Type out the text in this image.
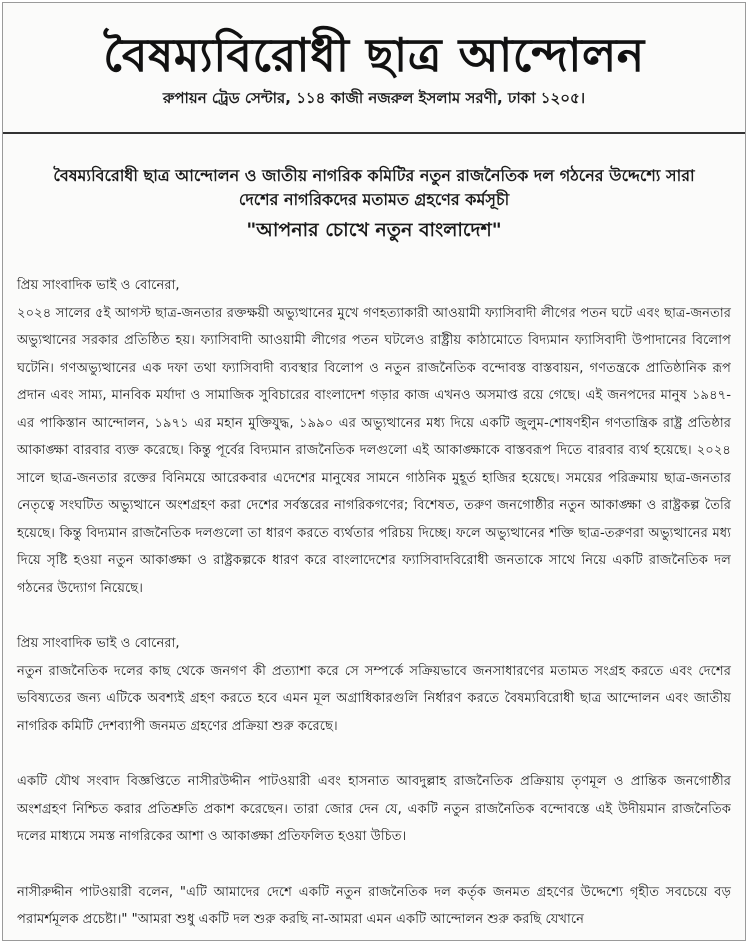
বৈষম্যবিরোধী ছাত্র আন্দোলন
রুপায়ন ট্রেড সেন্টার, ১১৪ কাজী নজরুল ইসলাম সরণী, ঢাকা ১২০৫।
বৈষম্যবিরোধী ছাত্র আন্দোলন ও জাতীয় নাগরিক কমিটির নতুন রাজনৈতিক দল গঠনের উদ্দেশ্যে সারা
দেশের নাগরিকদের মতামত গ্রহণের কর্মসূচী
"আপনার চোখে নতুন বাংলাদেশ"
প্রিয় সাংবাদিক ভাই ও বোনেরা,

২০২৪ সালের ৫ই আগস্ট ছাত্র-জনতার রক্তক্ষয়ী অভ্যুত্থানের মুখে গণহত্যাকারী আওয়ামী ফ্যাসিবাদী লীগের পতন ঘটে এবং ছাত্র-জনতার অভ্যুত্থানের সরকার প্রতিষ্ঠিত হয়। ফ্যাসিবাদী আওয়ামী লীগের পতন ঘটলেও রাষ্ট্রীয় কাঠামোতে বিদ্যমান ফ্যাসিবাদী উপাদানের বিলোপ ঘটেনি। গণঅভ্যুত্থানের এক দফা তথা ফ্যাসিবাদী ব্যবস্থার বিলোপ ও নতুন রাজনৈতিক বন্দোবস্ত বাস্তবায়ন, গণতন্ত্রকে প্রাতিষ্ঠানিক রূপ প্রদান এবং সাম্য, মানবিক মর্যাদা ও সামাজিক সুবিচারের বাংলাদেশ গড়ার কাজ এখনও অসমাপ্ত রয়ে গেছে। এই জনপদের মানুষ ১৯৪৭-এর পাকিস্তান আন্দোলন, ১৯৭১ এর মহান মুক্তিযুদ্ধ, ১৯৯০ এর অভ্যুত্থানের মধ্য দিয়ে একটি জুলুম-শোষণহীন গণতান্ত্রিক রাষ্ট্র প্রতিষ্ঠার আকাঙ্ক্ষা বারবার ব্যক্ত করেছে। কিন্তু পূর্বের বিদ্যমান রাজনৈতিক দলগুলো এই আকাঙ্ক্ষাকে বাস্তবরূপ দিতে বারবার ব্যর্থ হয়েছে। ২০২৪ সালে ছাত্র-জনতার রক্তের বিনিময়ে আরেকবার এদেশের মানুষের সামনে গাঠনিক মুহূর্ত হাজির হয়েছে। সময়ের পরিক্রমায় ছাত্র-জনতার নেতৃত্বে সংঘটিত অভ্যুত্থানে অংশগ্রহণ করা দেশের সর্বস্তরের নাগরিকগণের; বিশেষত, তরুণ জনগোষ্ঠীর নতুন আকাঙ্ক্ষা ও রাষ্ট্রকল্প তৈরি হয়েছে। কিন্তু বিদ্যমান রাজনৈতিক দলগুলো তা ধারণ করতে ব্যর্থতার পরিচয় দিচ্ছে। ফলে অভ্যুত্থানের শক্তি ছাত্র-তরুণরা অভ্যুত্থানের মধ্য দিয়ে সৃষ্টি হওয়া নতুন আকাঙ্ক্ষা ও রাষ্ট্রকল্পকে ধারণ করে বাংলাদেশের ফ্যাসিবাদবিরোধী জনতাকে সাথে নিয়ে একটি রাজনৈতিক দল গঠনের উদ্যোগ নিয়েছে।

প্রিয় সাংবাদিক ভাই ও বোনেরা,

নতুন রাজনৈতিক দলের কাছ থেকে জনগণ কী প্রত্যাশা করে সে সম্পর্কে সক্রিয়ভাবে জনসাধারণের মতামত সংগ্রহ করতে এবং দেশের ভবিষ্যতের জন্য এটিকে অবশ্যই গ্রহণ করতে হবে এমন মূল অগ্রাধিকারগুলি নির্ধারণ করতে বৈষম্যবিরোধী ছাত্র আন্দোলন এবং জাতীয় নাগরিক কমিটি দেশব্যাপী জনমত গ্রহণের প্রক্রিয়া শুরু করেছে।

একটি যৌথ সংবাদ বিজ্ঞপ্তিতে নাসীরউদ্দীন পাটওয়ারী এবং হাসনাত আবদুল্লাহ রাজনৈতিক প্রক্রিয়ায় তৃণমূল ও প্রান্তিক জনগোষ্ঠীর অংশগ্রহণ নিশ্চিত করার প্রতিশ্রুতি প্রকাশ করেছেন। তারা জোর দেন যে, একটি নতুন রাজনৈতিক বন্দোবস্তে এই উদীয়মান রাজনৈতিক দলের মাধ্যমে সমস্ত নাগরিকের আশা ও আকাঙ্ক্ষা প্রতিফলিত হওয়া উচিত।

নাসীরুদ্দীন পাটওয়ারী বলেন, "এটি আমাদের দেশে একটি নতুন রাজনৈতিক দল কর্তৃক জনমত গ্রহণের উদ্দেশ্যে গৃহীত সবচেয়ে বড় পরামর্শমূলক প্রচেষ্টা।" "আমরা শুধু একটি দল শুরু করছি না-আমরা এমন একটি আন্দোলন শুরু করছি যেখানে
